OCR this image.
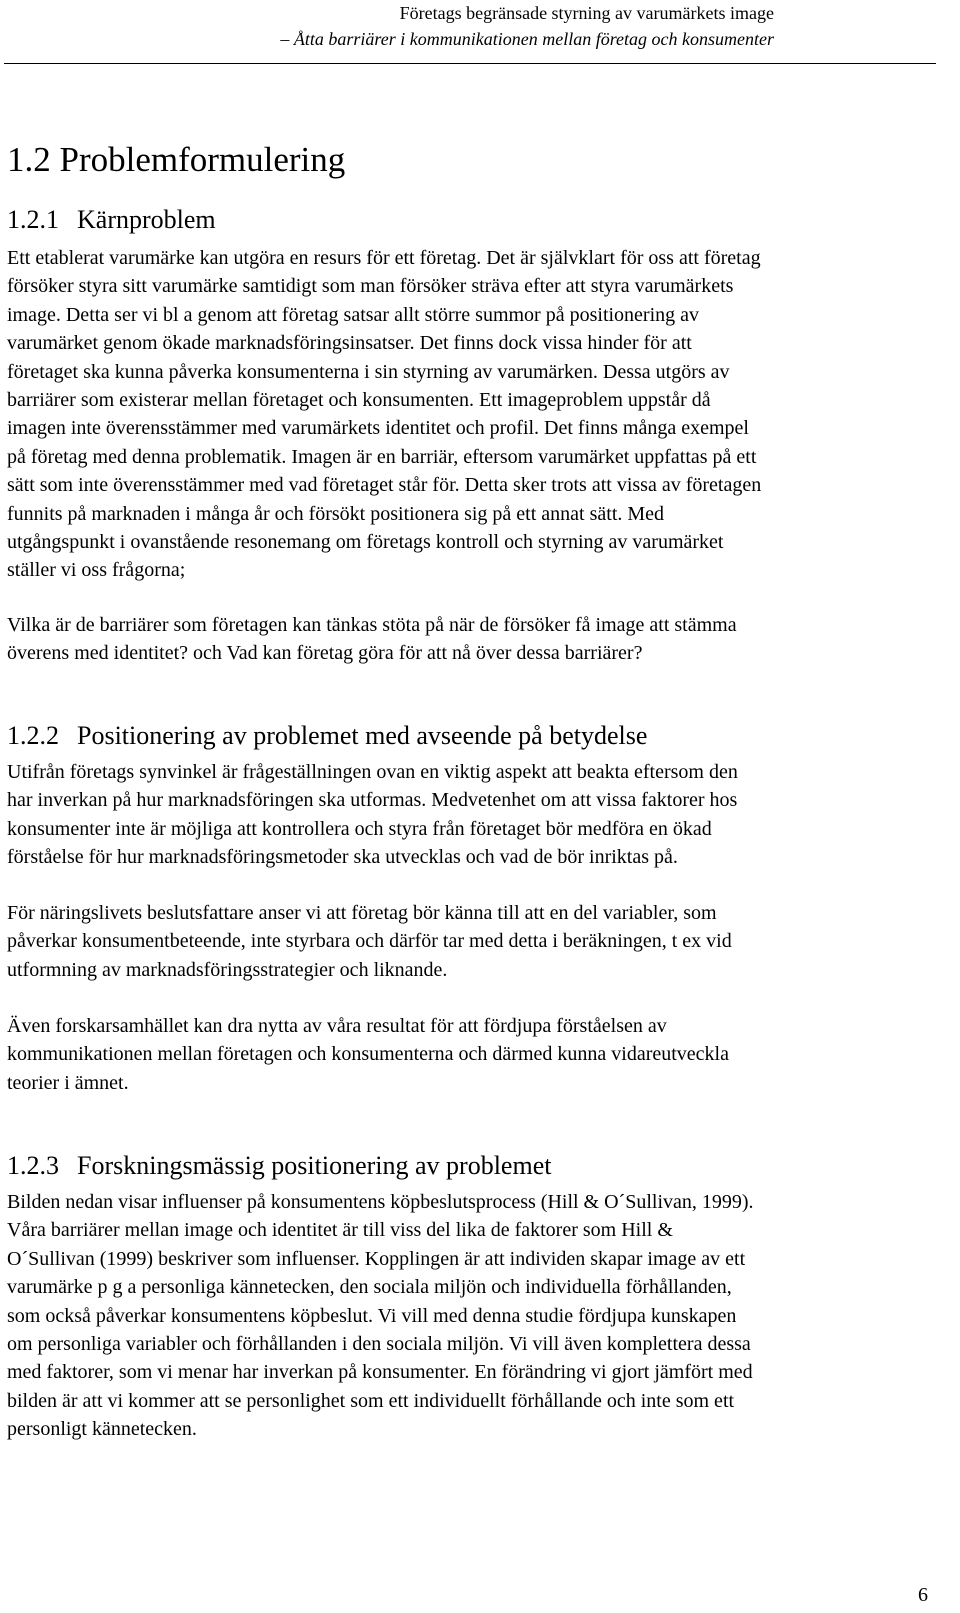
Företags begränsade styrning av varumärkets image
– Åtta barriärer i kommunikationen mellan företag och konsumenter
1.2 Problemformulering
1.2.1 Kärnproblem
Ett etablerat varumärke kan utgöra en resurs för ett företag. Det är självklart för oss att företag
försöker styra sitt varumärke samtidigt som man försöker sträva efter att styra varumärkets
image. Detta ser vi bl a genom att företag satsar allt större summor på positionering av
varumärket genom ökade marknadsföringsinsatser. Det finns dock vissa hinder för att
företaget ska kunna påverka konsumenterna i sin styrning av varumärken. Dessa utgörs av
barriärer som existerar mellan företaget och konsumenten. Ett imageproblem uppstår då
imagen inte överensstämmer med varumärkets identitet och profil. Det finns många exempel
på företag med denna problematik. Imagen är en barriär, eftersom varumärket uppfattas på ett
sätt som inte överensstämmer med vad företaget står för. Detta sker trots att vissa av företagen
funnits på marknaden i många år och försökt positionera sig på ett annat sätt. Med
utgångspunkt i ovanstående resonemang om företags kontroll och styrning av varumärket
ställer vi oss frågorna;
Vilka är de barriärer som företagen kan tänkas stöta på när de försöker få image att stämma
överens med identitet? och Vad kan företag göra för att nå över dessa barriärer?
1.2.2 Positionering av problemet med avseende på betydelse
Utifrån företags synvinkel är frågeställningen ovan en viktig aspekt att beakta eftersom den
har inverkan på hur marknadsföringen ska utformas. Medvetenhet om att vissa faktorer hos
konsumenter inte är möjliga att kontrollera och styra från företaget bör medföra en ökad
förståelse för hur marknadsföringsmetoder ska utvecklas och vad de bör inriktas på.
För näringslivets beslutsfattare anser vi att företag bör känna till att en del variabler, som
påverkar konsumentbeteende, inte styrbara och därför tar med detta i beräkningen, t ex vid
utformning av marknadsföringsstrategier och liknande.
Även forskarsamhället kan dra nytta av våra resultat för att fördjupa förståelsen av
kommunikationen mellan företagen och konsumenterna och därmed kunna vidareutveckla
teorier i ämnet.
1.2.3 Forskningsmässig positionering av problemet
Bilden nedan visar influenser på konsumentens köpbeslutsprocess (Hill & O´Sullivan, 1999).
Våra barriärer mellan image och identitet är till viss del lika de faktorer som Hill &
O´Sullivan (1999) beskriver som influenser. Kopplingen är att individen skapar image av ett
varumärke p g a personliga kännetecken, den sociala miljön och individuella förhållanden,
som också påverkar konsumentens köpbeslut. Vi vill med denna studie fördjupa kunskapen
om personliga variabler och förhållanden i den sociala miljön. Vi vill även komplettera dessa
med faktorer, som vi menar har inverkan på konsumenter. En förändring vi gjort jämfört med
bilden är att vi kommer att se personlighet som ett individuellt förhållande och inte som ett
personligt kännetecken.
6
